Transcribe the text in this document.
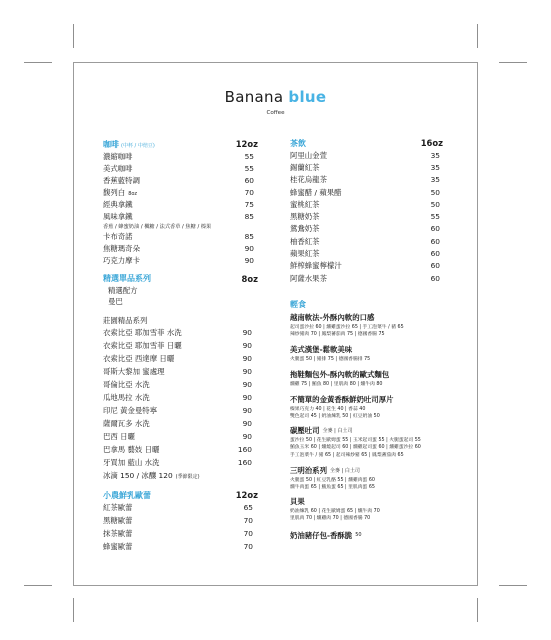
Banana blue
Coffee
咖啡 (中杯 / 中焙豆)	12oz
濃縮咖啡	55
美式咖啡	55
香蕉藍特調	60
馥列白 8oz	70
經典拿鐵	75
風味拿鐵	85
香蕉 / 蜂蜜奶油 / 楓糖 / 法式香草 / 焦糖 / 榛果
卡布奇諾	85
焦糖瑪奇朵	90
巧克力摩卡	90
精選單品系列	8oz
精選配方
曼巴
莊園精品系列
衣索比亞 耶加雪菲 水洗	90
衣索比亞 耶加雪菲 日曬	90
衣索比亞 西達摩 日曬	90
哥斯大黎加 蜜處理	90
哥倫比亞 水洗	90
瓜地馬拉 水洗	90
印尼 黃金曼特寧	90
薩爾瓦多 水洗	90
巴西 日曬	90
巴拿馬 藝妓 日曬	160
牙買加 藍山 水洗	160
冰滴 150 / 冰釀 120 (季節限定)
小農鮮乳歐蕾	12oz
紅茶歐蕾	65
黑糖歐蕾	70
抹茶歐蕾	70
蜂蜜歐蕾	70
茶飲	16oz
阿里山金萱	35
錫蘭紅茶	35
桂花烏龍茶	35
蜂蜜醋 / 蘋果醋	50
蜜桃紅茶	50
黑糖奶茶	55
鴛鴦奶茶	60
柚香紅茶	60
蘋果紅茶	60
鮮榨蜂蜜檸檬汁	60
阿薩水果茶	60
輕食
越南軟法-外酥內軟的口感
起司蛋沙拉 60 | 燻雞蛋沙拉 65 | 手工泡菜牛 / 豬 65
辣炒豬肉 70 | 鳳梨蕃茄肉 75 | 德國香腸 75
美式漢堡-鬆軟美味
火腿蛋 50 | 豬排 75 | 德國香腸排 75
拖鞋麵包外-酥內軟的歐式麵包
燻雞 75 | 鮪魚 80 | 里肌肉 80 | 燻牛肉 80
不簡單的金黃香酥鮮奶吐司厚片
榛果巧克力 40 | 花生 40 | 香蒜 40
雙色起司 45 | 奶油煉乳 50 | 紅豆奶油 50
碳壓吐司 全麥 | 白土司
蛋沙拉 50 | 花生歐姆蛋 55 | 玉米起司蛋 55 | 火腿蛋起司 55
鮪魚玉米 60 | 燻燒起司 60 | 燻雞起司蛋 60 | 燻雞蛋沙拉 60
手工泡菜牛 / 豬 65 | 起司辣炒豬 65 | 鳳梨蕃茄肉 65
三明治系列 全麥 | 白土司
火腿蛋 50 | 紅豆乳酪 55 | 燻雞肉蛋 60
燻牛肉蛋 65 | 鮪魚蛋 65 | 里肌肉蛋 65
貝果
奶油煉乳 60 | 花生歐姆蛋 65 | 燻牛肉 70
里肌肉 70 | 燻雞肉 70 | 德國香腸 70
奶油豬仔包-香酥脆 50
